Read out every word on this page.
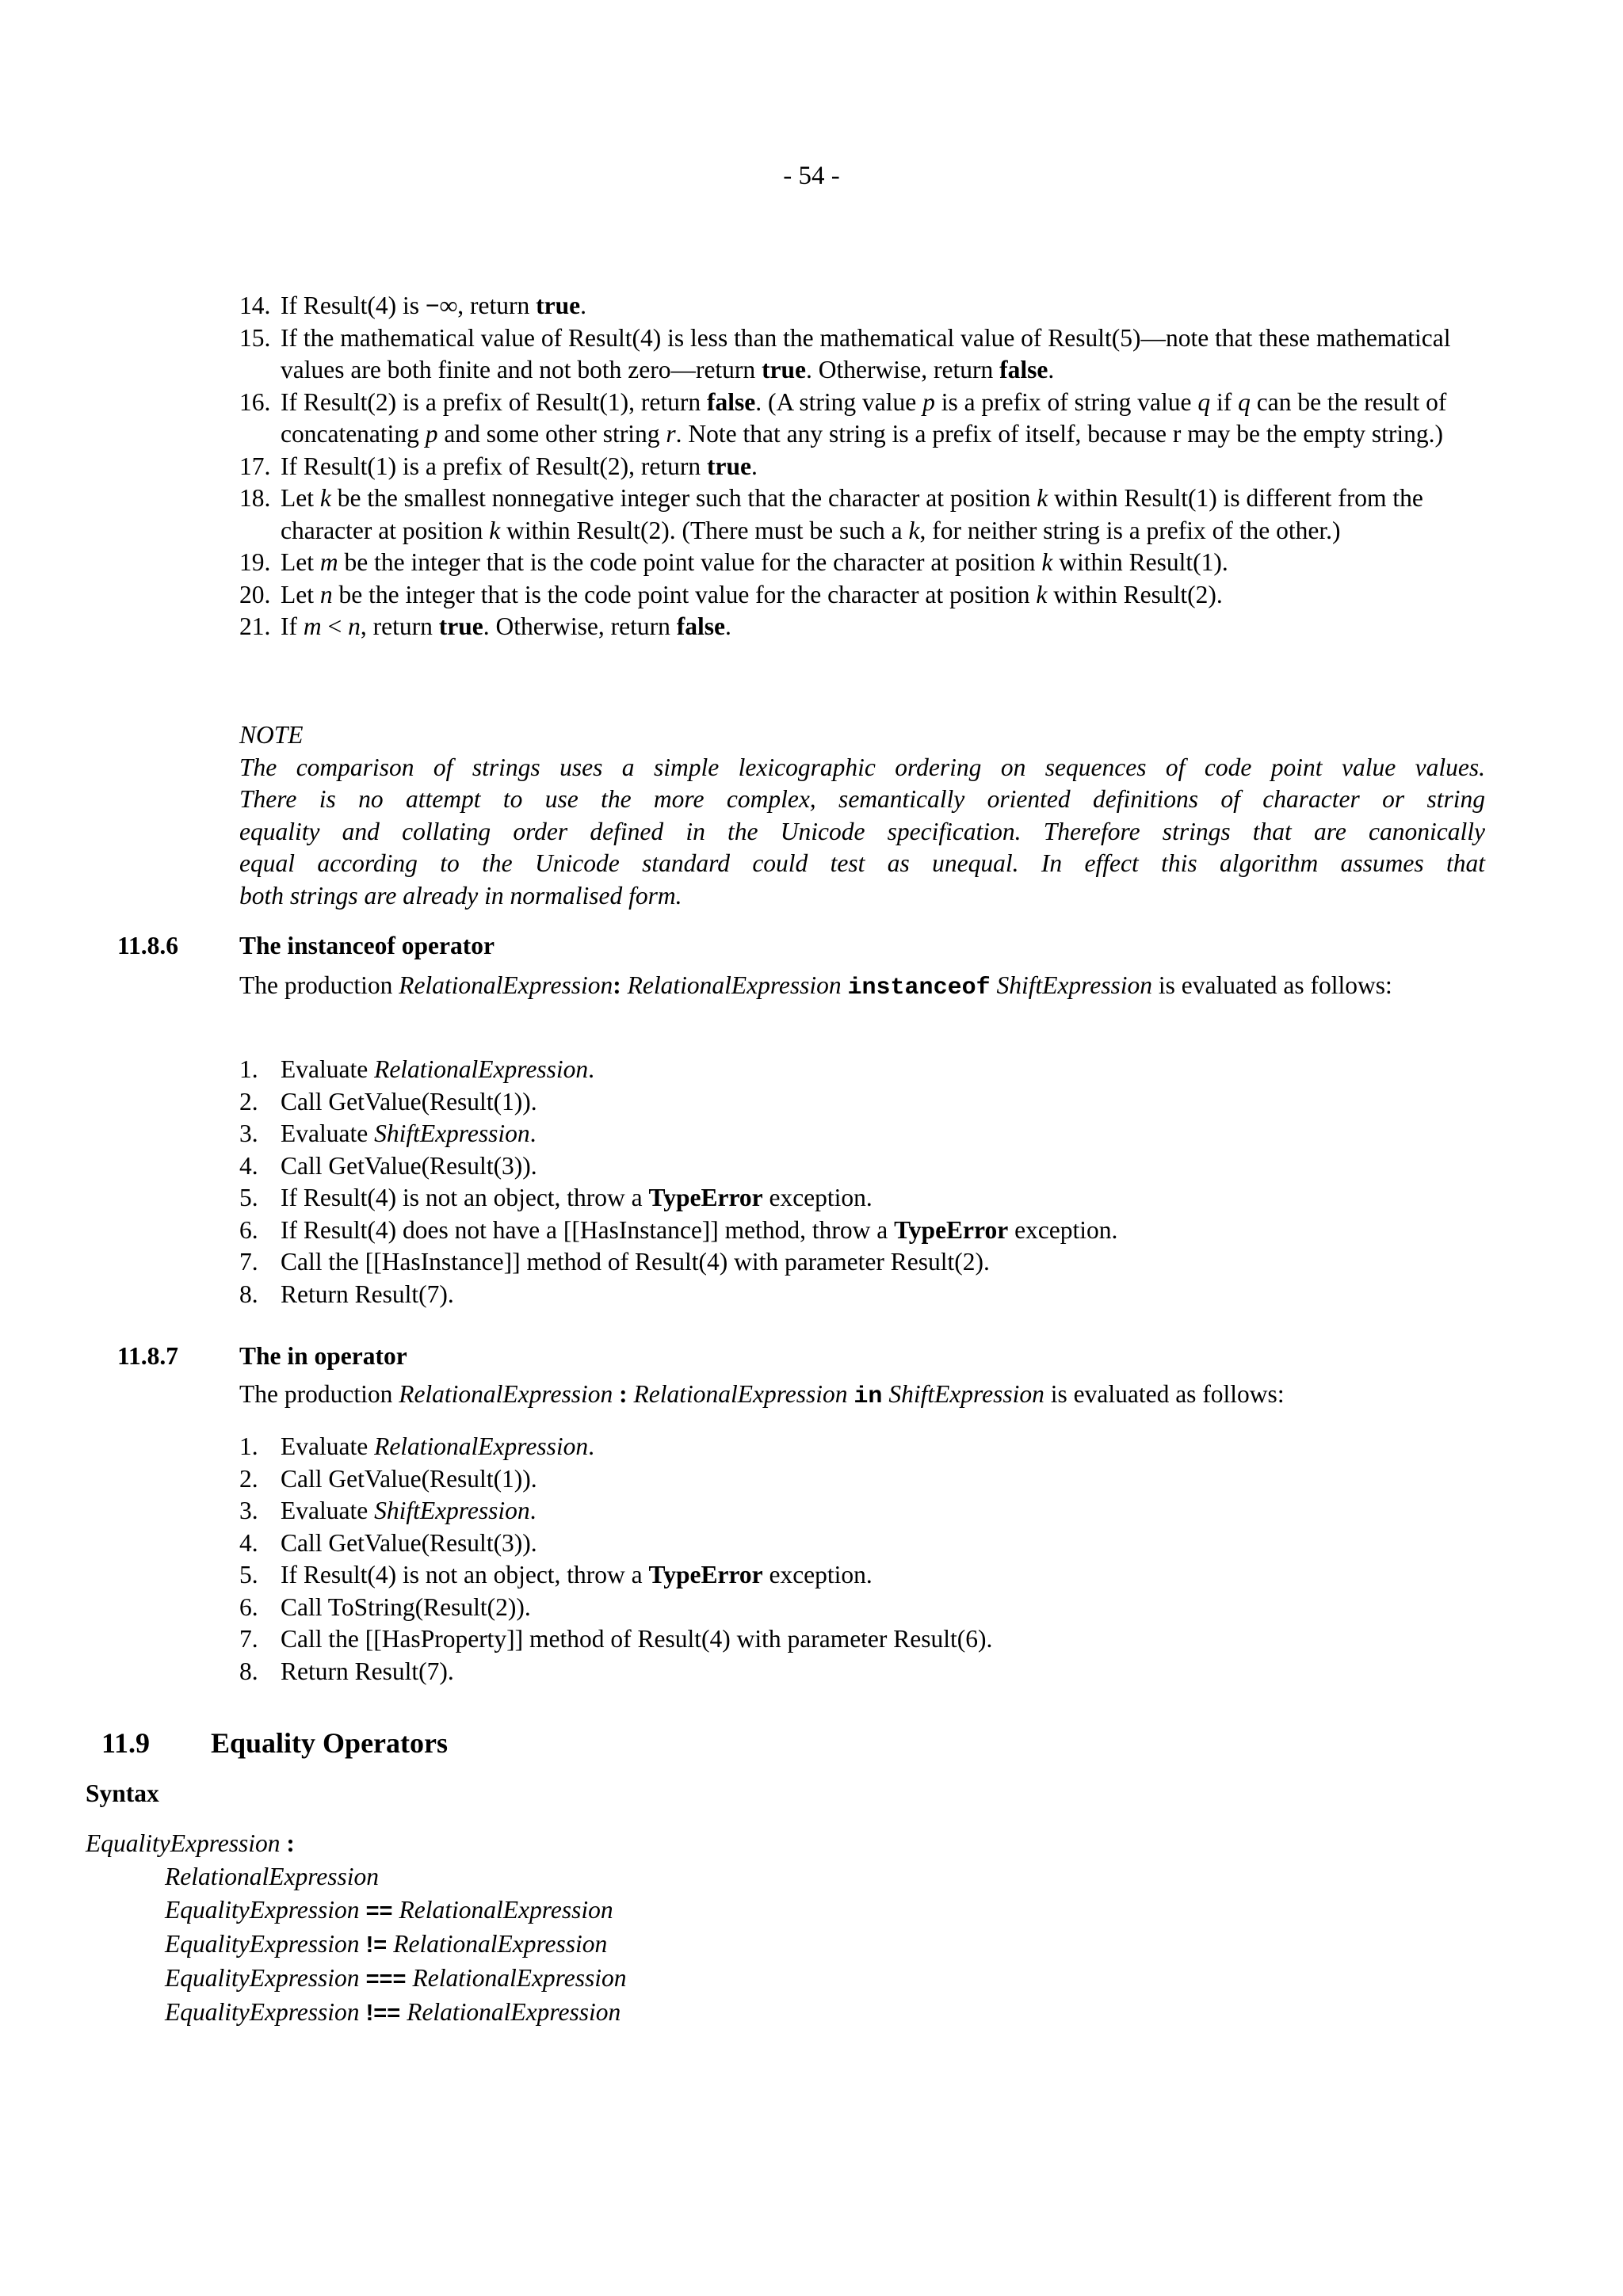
- 54 -
14. If Result(4) is −∞, return true.
15. If the mathematical value of Result(4) is less than the mathematical value of Result(5)—note that these mathematical values are both finite and not both zero—return true. Otherwise, return false.
16. If Result(2) is a prefix of Result(1), return false. (A string value p is a prefix of string value q if q can be the result of concatenating p and some other string r. Note that any string is a prefix of itself, because r may be the empty string.)
17. If Result(1) is a prefix of Result(2), return true.
18. Let k be the smallest nonnegative integer such that the character at position k within Result(1) is different from the character at position k within Result(2). (There must be such a k, for neither string is a prefix of the other.)
19. Let m be the integer that is the code point value for the character at position k within Result(1).
20. Let n be the integer that is the code point value for the character at position k within Result(2).
21. If m < n, return true. Otherwise, return false.
NOTE
The comparison of strings uses a simple lexicographic ordering on sequences of code point value values.
There is no attempt to use the more complex, semantically oriented definitions of character or string
equality and collating order defined in the Unicode specification. Therefore strings that are canonically
equal according to the Unicode standard could test as unequal. In effect this algorithm assumes that
both strings are already in normalised form.
11.8.6 The instanceof operator
The production RelationalExpression: RelationalExpression instanceof ShiftExpression is evaluated as follows:
1. Evaluate RelationalExpression.
2. Call GetValue(Result(1)).
3. Evaluate ShiftExpression.
4. Call GetValue(Result(3)).
5. If Result(4) is not an object, throw a TypeError exception.
6. If Result(4) does not have a [[HasInstance]] method, throw a TypeError exception.
7. Call the [[HasInstance]] method of Result(4) with parameter Result(2).
8. Return Result(7).
11.8.7 The in operator
The production RelationalExpression : RelationalExpression in ShiftExpression is evaluated as follows:
1. Evaluate RelationalExpression.
2. Call GetValue(Result(1)).
3. Evaluate ShiftExpression.
4. Call GetValue(Result(3)).
5. If Result(4) is not an object, throw a TypeError exception.
6. Call ToString(Result(2)).
7. Call the [[HasProperty]] method of Result(4) with parameter Result(6).
8. Return Result(7).
11.9 Equality Operators
Syntax
EqualityExpression :
RelationalExpression
EqualityExpression == RelationalExpression
EqualityExpression != RelationalExpression
EqualityExpression === RelationalExpression
EqualityExpression !== RelationalExpression
